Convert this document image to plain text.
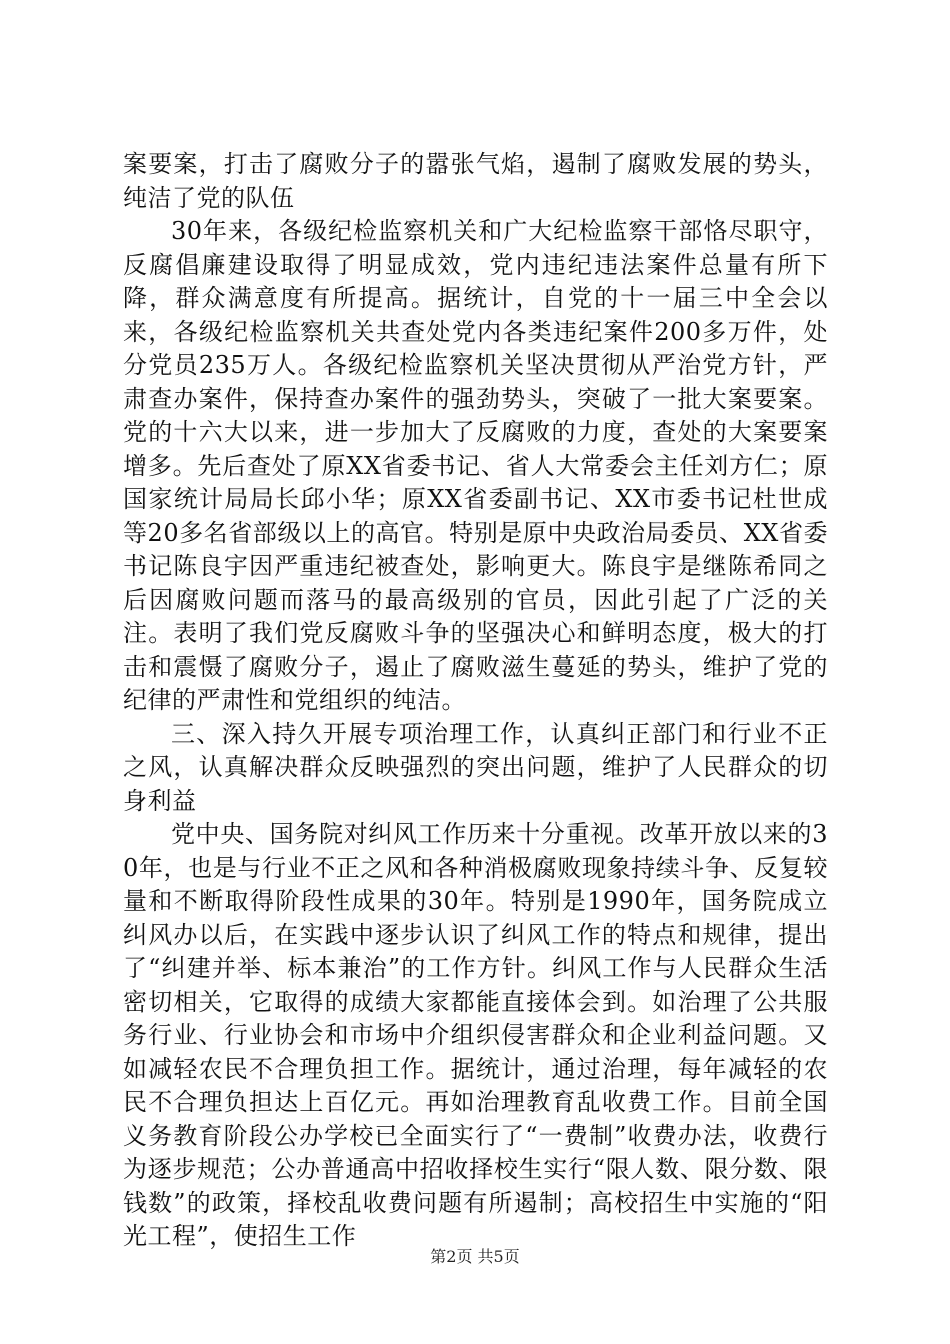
案要案，打击了腐败分子的嚣张气焰，遏制了腐败发展的势头，纯洁了党的队伍

30年来，各级纪检监察机关和广大纪检监察干部恪尽职守，反腐倡廉建设取得了明显成效，党内违纪违法案件总量有所下降，群众满意度有所提高。据统计，自党的十一届三中全会以来，各级纪检监察机关共查处党内各类违纪案件200多万件，处分党员235万人。各级纪检监察机关坚决贯彻从严治党方针，严肃查办案件，保持查办案件的强劲势头，突破了一批大案要案。党的十六大以来，进一步加大了反腐败的力度，查处的大案要案增多。先后查处了原XX省委书记、省人大常委会主任刘方仁；原国家统计局局长邱小华；原XX省委副书记、XX市委书记杜世成等20多名省部级以上的高官。特别是原中央政治局委员、XX省委书记陈良宇因严重违纪被查处，影响更大。陈良宇是继陈希同之后因腐败问题而落马的最高级别的官员，因此引起了广泛的关注。表明了我们党反腐败斗争的坚强决心和鲜明态度，极大的打击和震慑了腐败分子，遏止了腐败滋生蔓延的势头，维护了党的纪律的严肃性和党组织的纯洁。

三、深入持久开展专项治理工作，认真纠正部门和行业不正之风，认真解决群众反映强烈的突出问题，维护了人民群众的切身利益

党中央、国务院对纠风工作历来十分重视。改革开放以来的30年，也是与行业不正之风和各种消极腐败现象持续斗争、反复较量和不断取得阶段性成果的30年。特别是1990年，国务院成立纠风办以后，在实践中逐步认识了纠风工作的特点和规律，提出了“纠建并举、标本兼治”的工作方针。纠风工作与人民群众生活密切相关，它取得的成绩大家都能直接体会到。如治理了公共服务行业、行业协会和市场中介组织侵害群众和企业利益问题。又如减轻农民不合理负担工作。据统计，通过治理，每年减轻的农民不合理负担达上百亿元。再如治理教育乱收费工作。目前全国义务教育阶段公办学校已全面实行了“一费制”收费办法，收费行为逐步规范；公办普通高中招收择校生实行“限人数、限分数、限钱数”的政策，择校乱收费问题有所遏制；高校招生中实施的“阳光工程”，使招生工作

第2页 共5页
